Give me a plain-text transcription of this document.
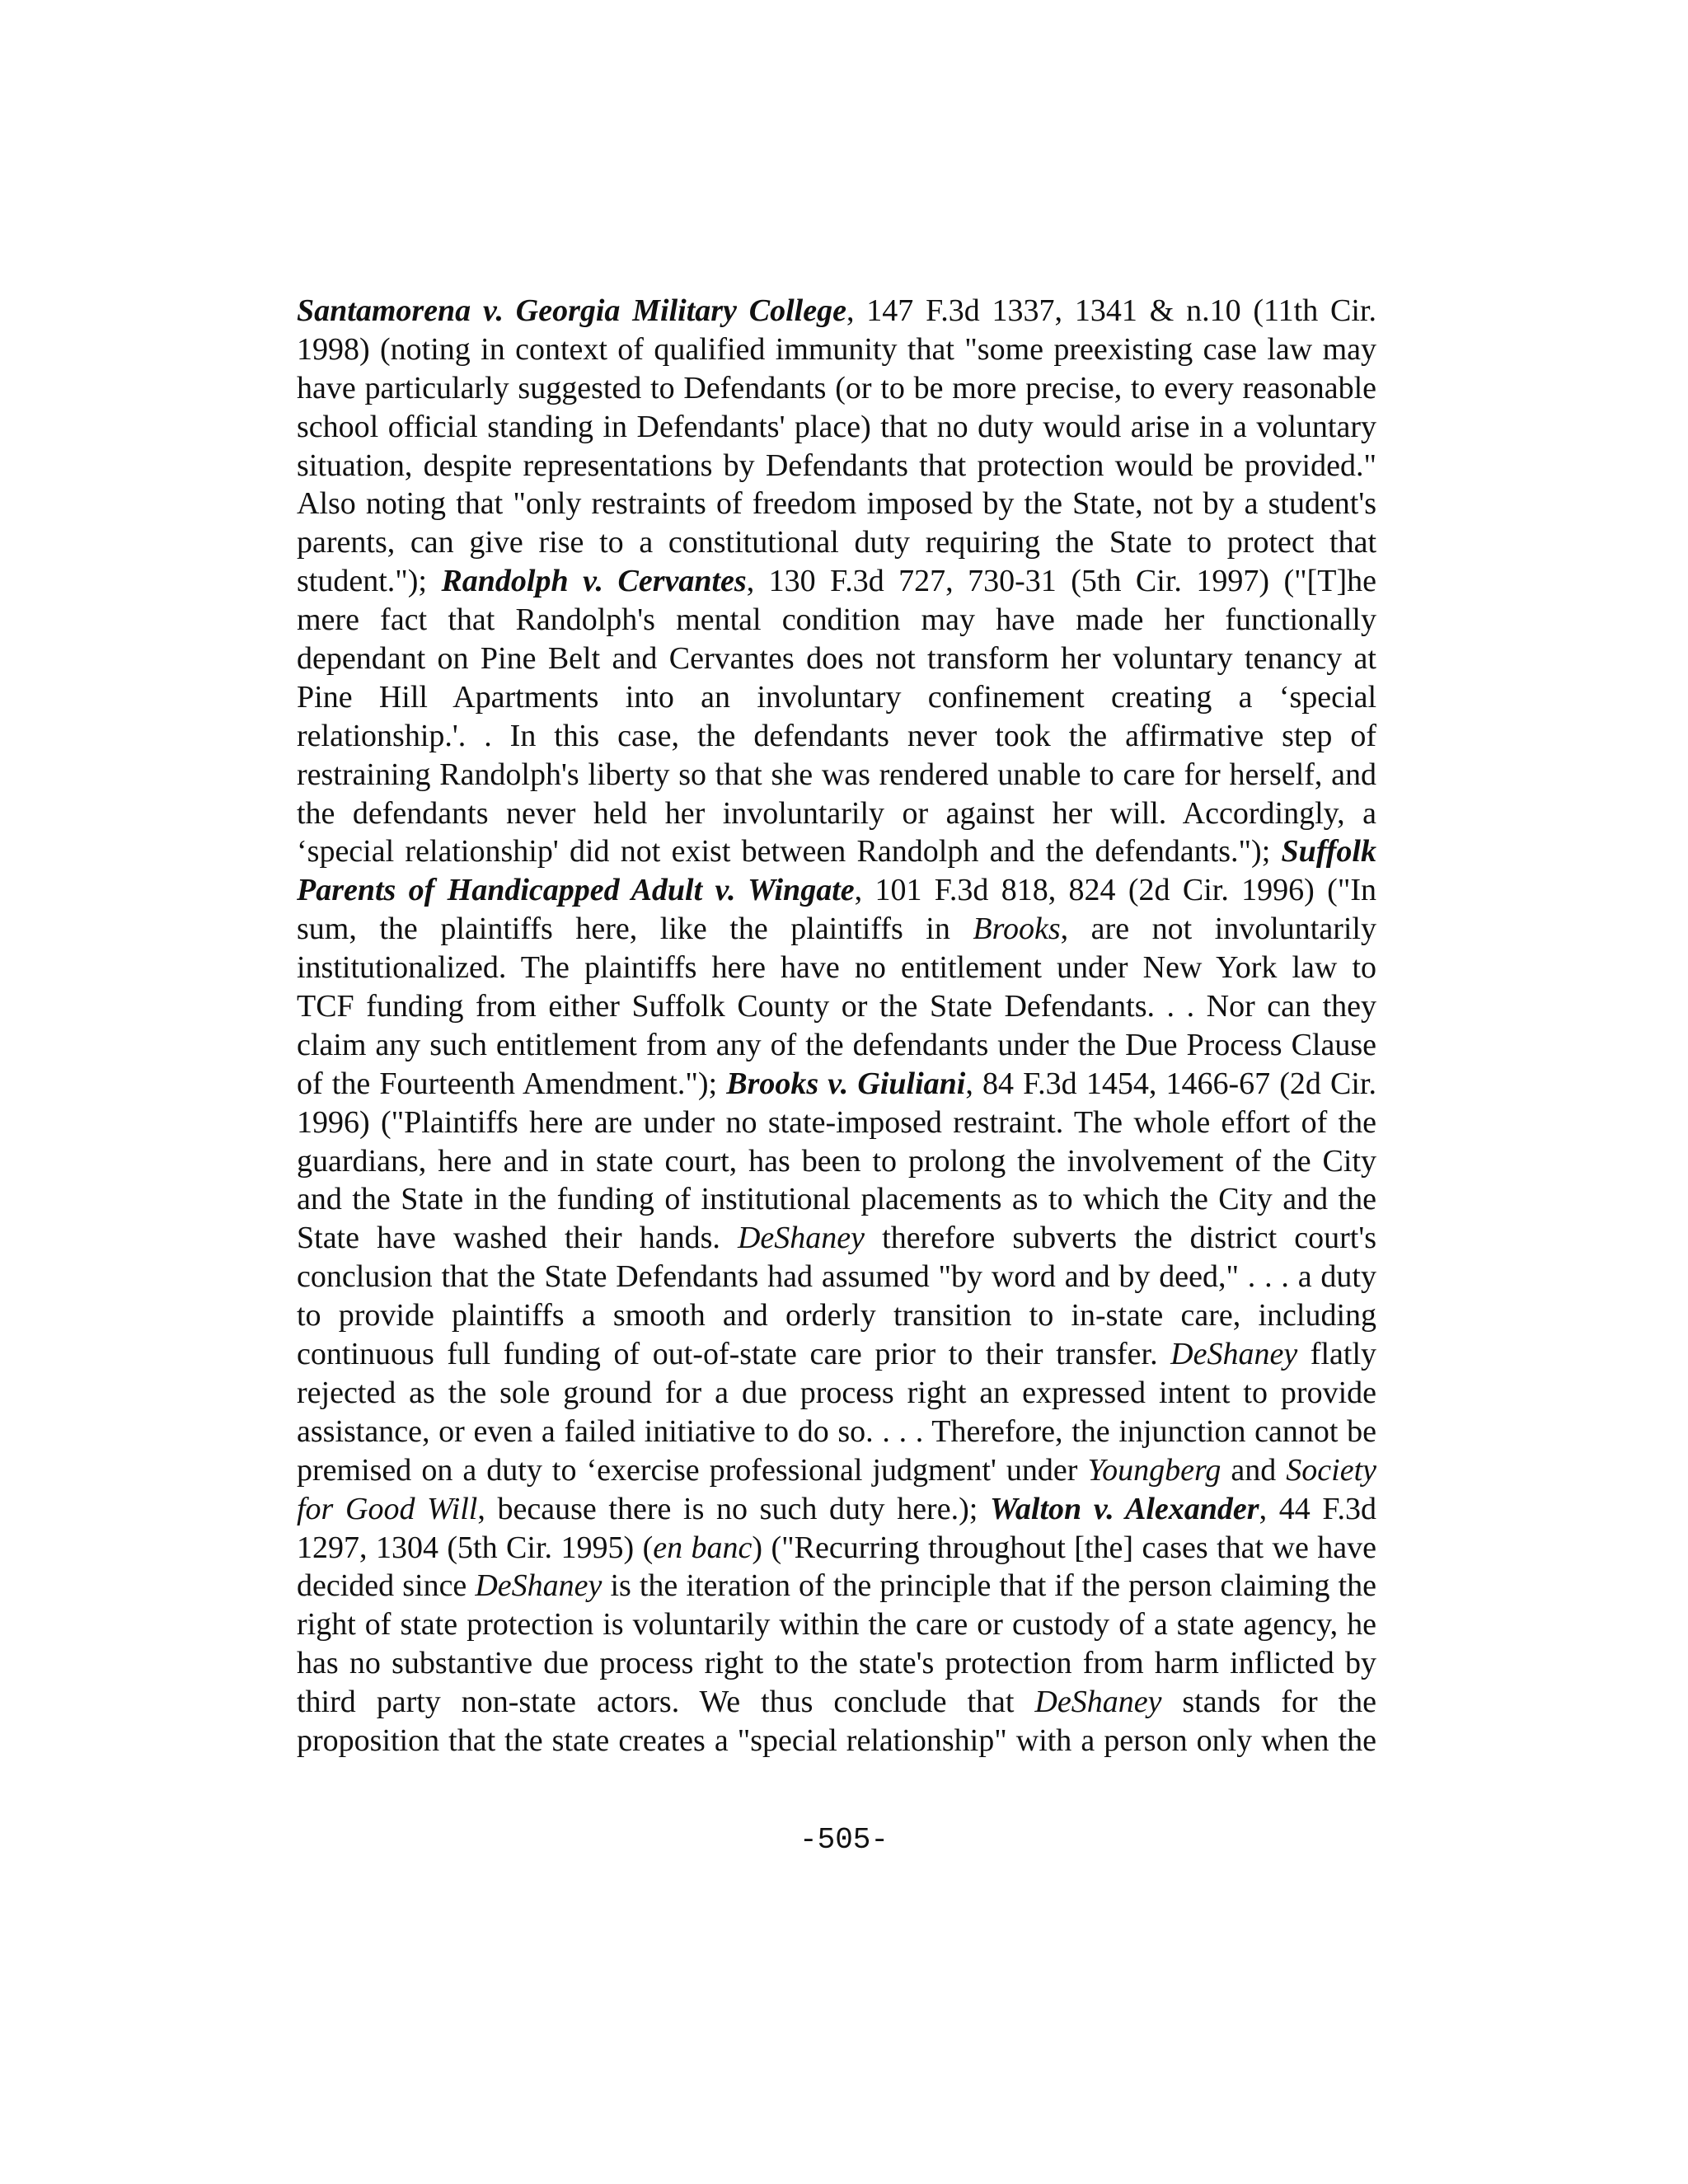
Santamorena v. Georgia Military College, 147 F.3d 1337, 1341 & n.10 (11th Cir.
1998) (noting in context of qualified immunity that "some preexisting case law may
have particularly suggested to Defendants (or to be more precise, to every reasonable
school official standing in Defendants' place) that no duty would arise in a voluntary
situation, despite representations by Defendants that protection would be provided."
Also noting that "only restraints of freedom imposed by the State, not by a student's
parents, can give rise to a constitutional duty requiring the State to protect that
student."); Randolph v. Cervantes, 130 F.3d 727, 730-31 (5th Cir. 1997) ("[T]he
mere fact that Randolph's mental condition may have made her functionally
dependant on Pine Belt and Cervantes does not transform her voluntary tenancy at
Pine Hill Apartments into an involuntary confinement creating a ‘special
relationship.'. . In this case, the defendants never took the affirmative step of
restraining Randolph's liberty so that she was rendered unable to care for herself, and
the defendants never held her involuntarily or against her will. Accordingly, a
‘special relationship' did not exist between Randolph and the defendants."); Suffolk
Parents of Handicapped Adult v. Wingate, 101 F.3d 818, 824 (2d Cir. 1996) ("In
sum, the plaintiffs here, like the plaintiffs in Brooks, are not involuntarily
institutionalized. The plaintiffs here have no entitlement under New York law to
TCF funding from either Suffolk County or the State Defendants. . . Nor can they
claim any such entitlement from any of the defendants under the Due Process Clause
of the Fourteenth Amendment."); Brooks v. Giuliani, 84 F.3d 1454, 1466-67 (2d Cir.
1996) ("Plaintiffs here are under no state-imposed restraint. The whole effort of the
guardians, here and in state court, has been to prolong the involvement of the City
and the State in the funding of institutional placements as to which the City and the
State have washed their hands. DeShaney therefore subverts the district court's
conclusion that the State Defendants had assumed "by word and by deed," . . . a duty
to provide plaintiffs a smooth and orderly transition to in-state care, including
continuous full funding of out-of-state care prior to their transfer. DeShaney flatly
rejected as the sole ground for a due process right an expressed intent to provide
assistance, or even a failed initiative to do so. . . . Therefore, the injunction cannot be
premised on a duty to ‘exercise professional judgment' under Youngberg and Society
for Good Will, because there is no such duty here.); Walton v. Alexander, 44 F.3d
1297, 1304 (5th Cir. 1995) (en banc) ("Recurring throughout [the] cases that we have
decided since DeShaney is the iteration of the principle that if the person claiming the
right of state protection is voluntarily within the care or custody of a state agency, he
has no substantive due process right to the state's protection from harm inflicted by
third party non-state actors. We thus conclude that DeShaney stands for the
proposition that the state creates a "special relationship" with a person only when the
-505-
